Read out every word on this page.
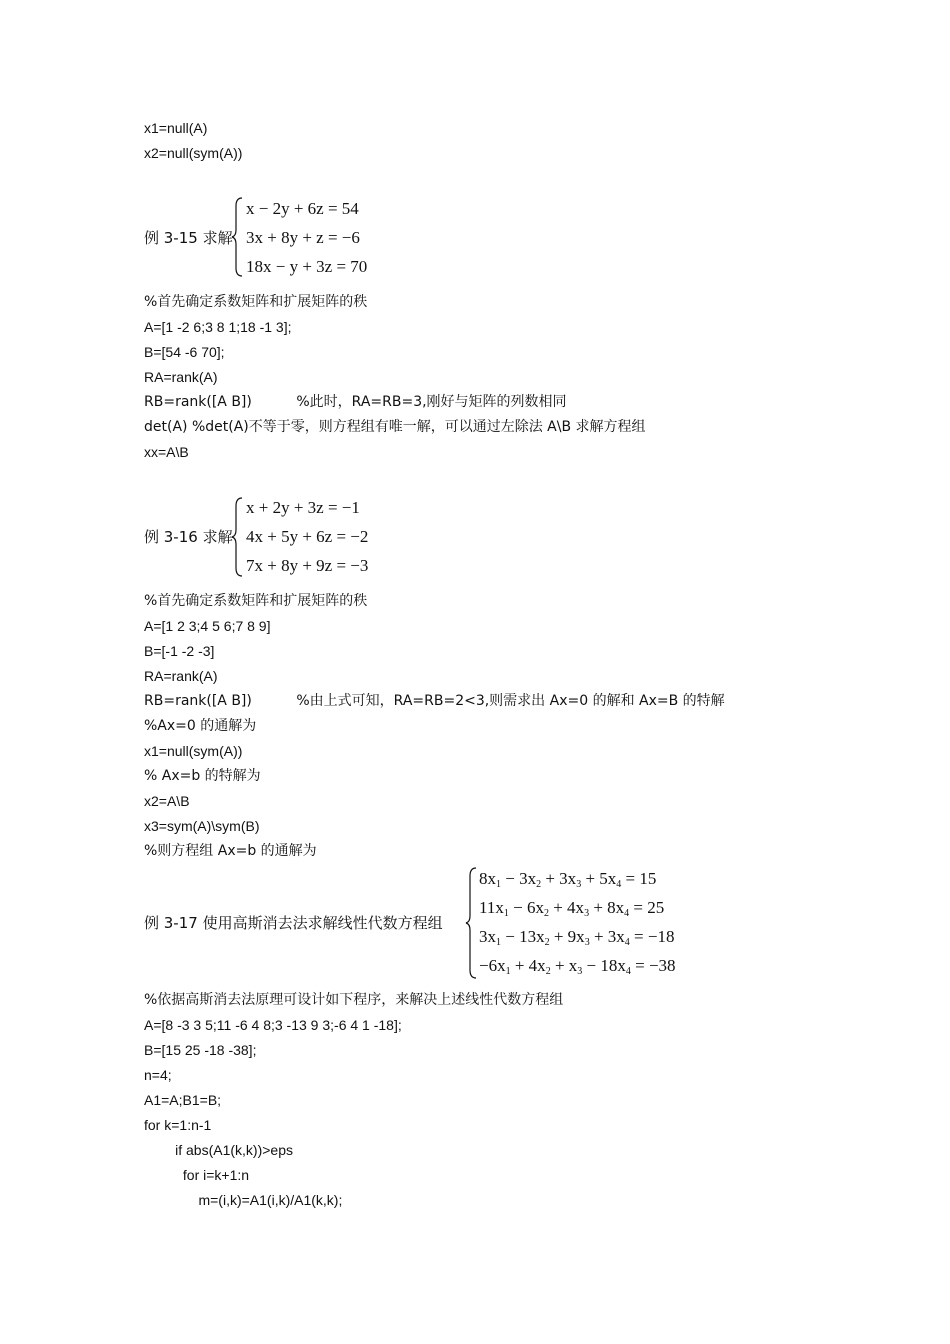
x1=null(A)
x2=null(sym(A))
例 3-15 求解
x − 2y + 6z = 54
3x + 8y + z = −6
18x − y + 3z = 70
%首先确定系数矩阵和扩展矩阵的秩
A=[1 -2 6;3 8 1;18 -1 3];
B=[54 -6 70];
RA=rank(A)
RB=rank([A B])          %此时，RA=RB=3,刚好与矩阵的列数相同
det(A) %det(A)不等于零，则方程组有唯一解，可以通过左除法 A\B 求解方程组
xx=A\B
例 3-16 求解
x + 2y + 3z = −1
4x + 5y + 6z = −2
7x + 8y + 9z = −3
%首先确定系数矩阵和扩展矩阵的秩
A=[1 2 3;4 5 6;7 8 9]
B=[-1 -2 -3]
RA=rank(A)
RB=rank([A B])          %由上式可知，RA=RB=2<3,则需求出 Ax=0 的解和 Ax=B 的特解
%Ax=0 的通解为
x1=null(sym(A))
% Ax=b 的特解为
x2=A\B
x3=sym(A)\sym(B)
%则方程组 Ax=b 的通解为
例 3-17 使用高斯消去法求解线性代数方程组
$8x_1 - 3x_2 + 3x_3 + 5x_4 = 15$
$11x_1 - 6x_2 + 4x_3 + 8x_4 = 25$
$3x_1 - 13x_2 + 9x_3 + 3x_4 = -18$
$-6x_1 + 4x_2 + x_3 - 18x_4 = -38$
%依据高斯消去法原理可设计如下程序，来解决上述线性代数方程组
A=[8 -3 3 5;11 -6 4 8;3 -13 9 3;-6 4 1 -18];
B=[15 25 -18 -38];
n=4;
A1=A;B1=B;
for k=1:n-1
if abs(A1(k,k))>eps
for i=k+1:n
m=(i,k)=A1(i,k)/A1(k,k);
